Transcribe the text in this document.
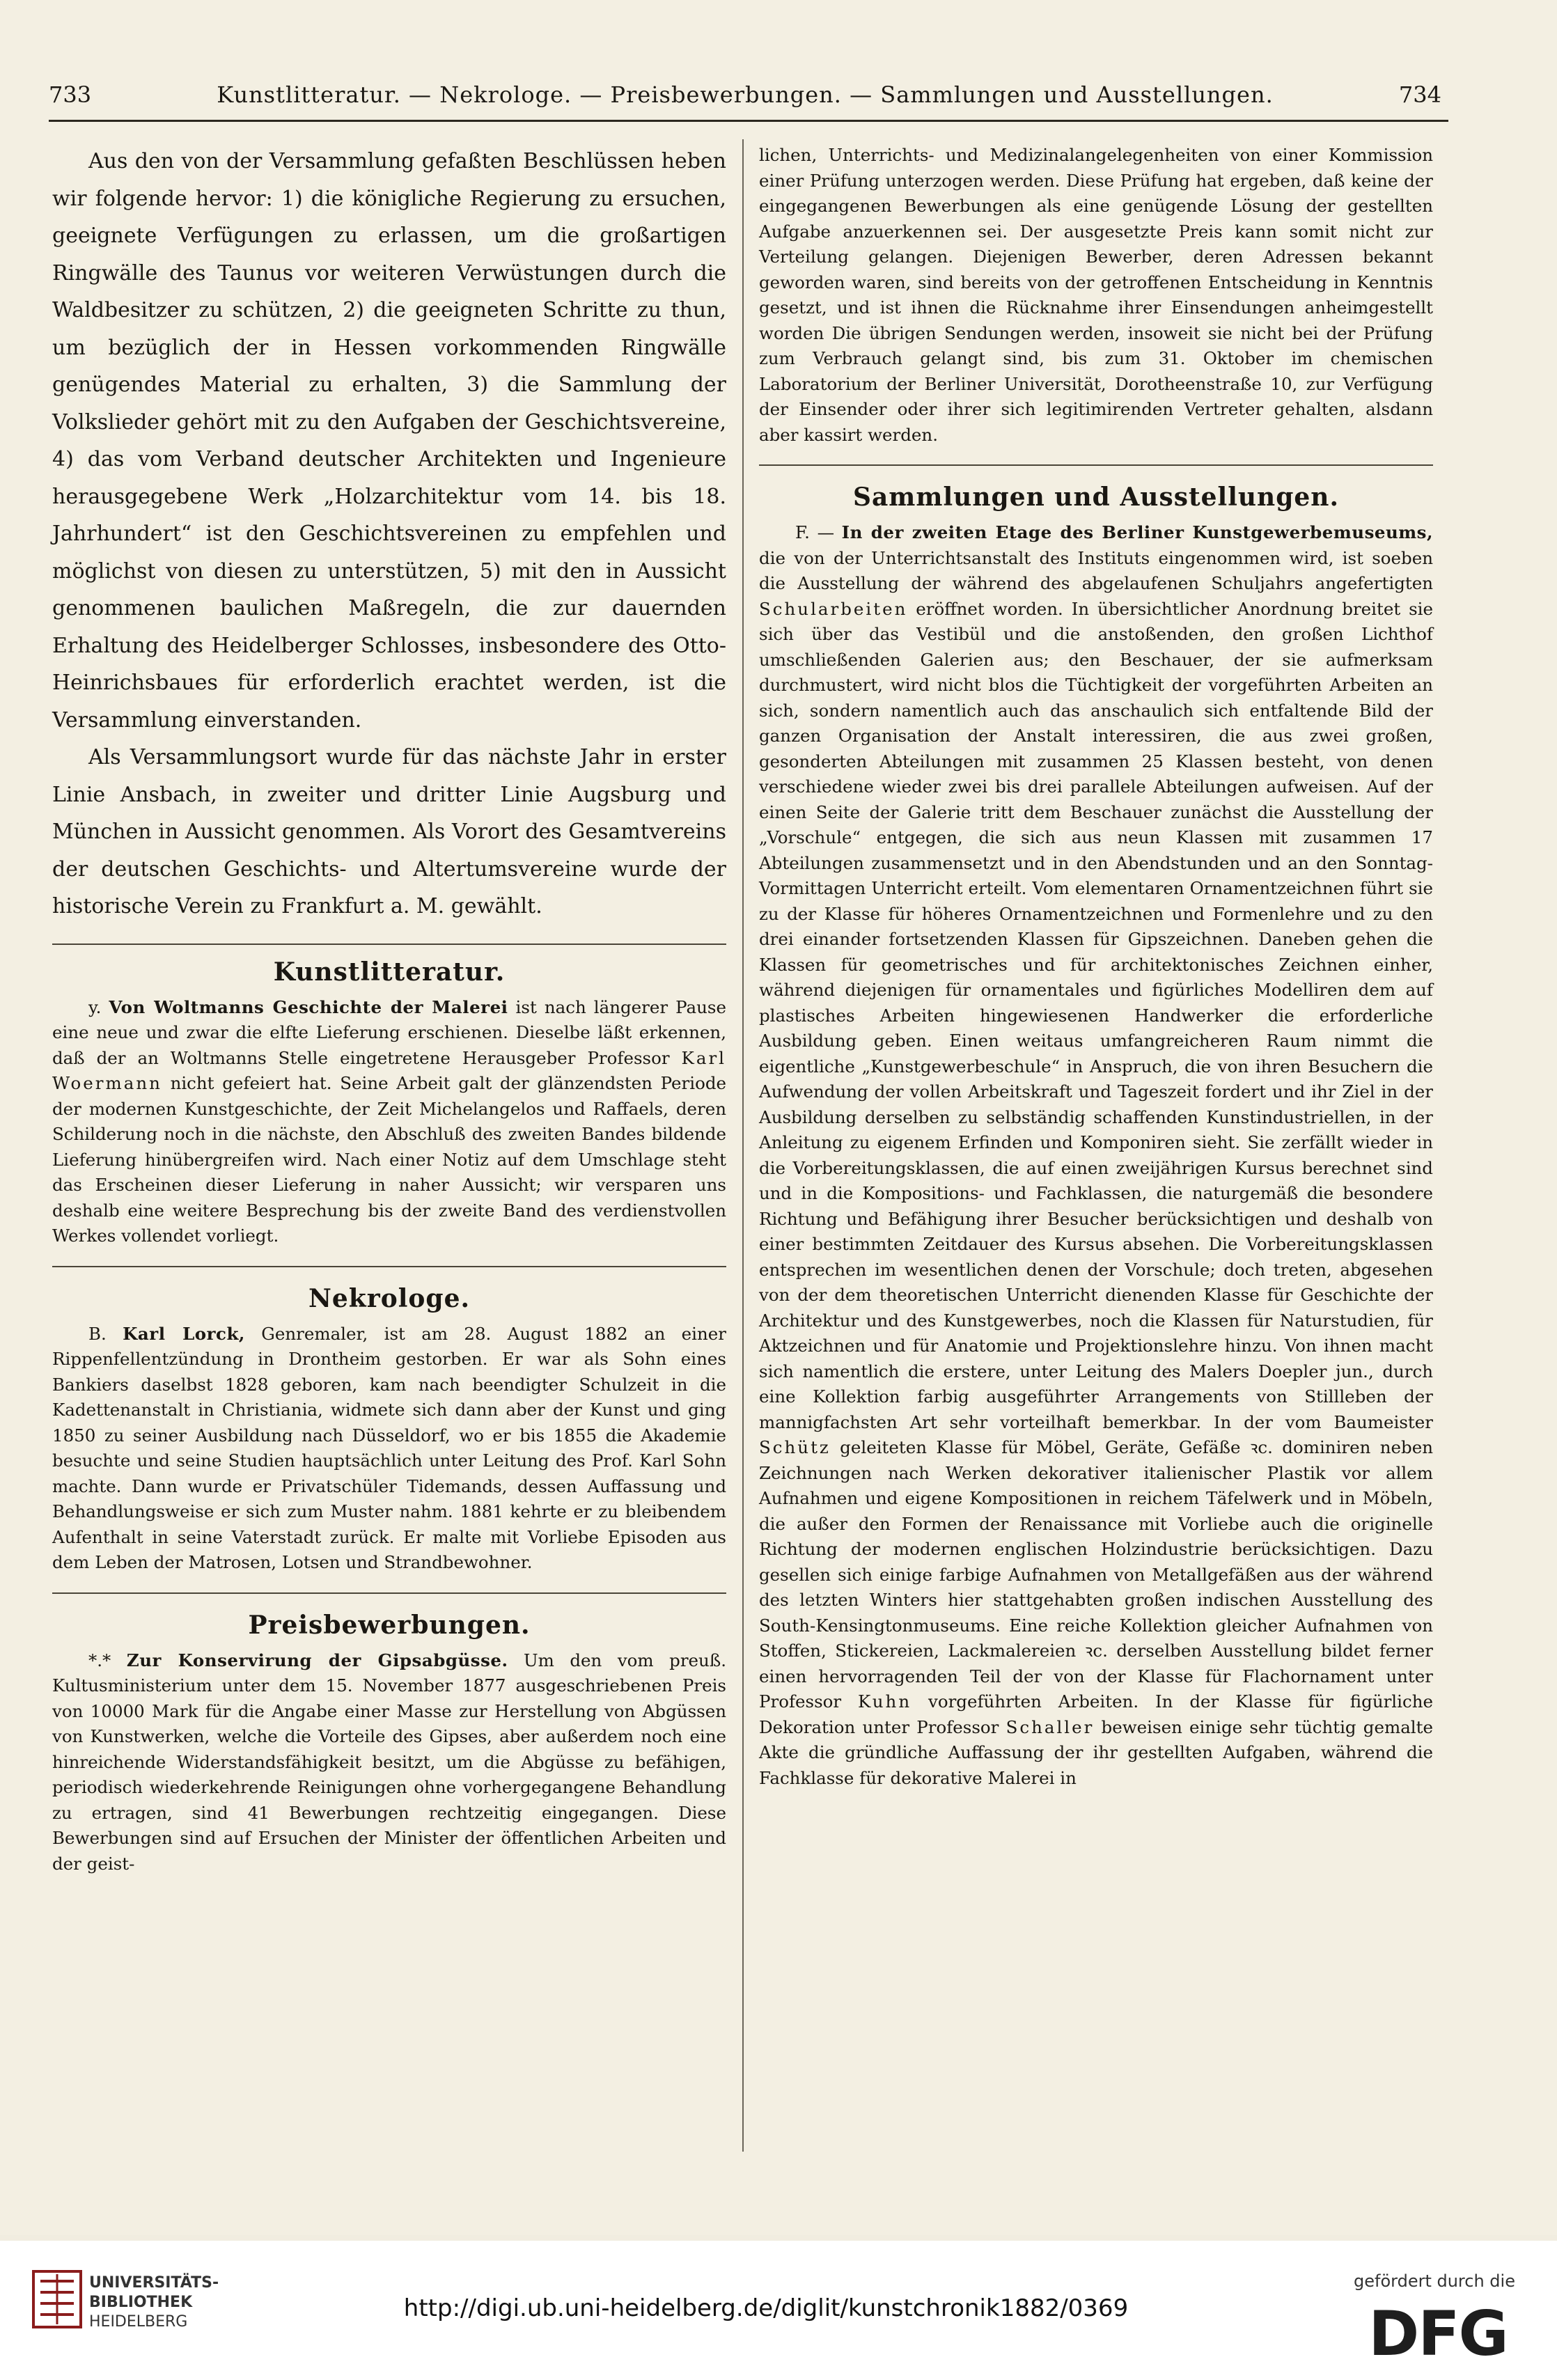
733	Kunstlitteratur. — Nekrologe. — Preisbewerbungen. — Sammlungen und Ausstellungen.	734

Aus den von der Versammlung gefaßten Beschlüssen heben wir folgende hervor: 1) die königliche Regierung zu ersuchen, geeignete Verfügungen zu erlassen, um die großartigen Ringwälle des Taunus vor weiteren Verwüstungen durch die Waldbesitzer zu schützen, 2) die geeigneten Schritte zu thun, um bezüglich der in Hessen vorkommenden Ringwälle genügendes Material zu erhalten, 3) die Sammlung der Volkslieder gehört mit zu den Aufgaben der Geschichtsvereine, 4) das vom Verband deutscher Architekten und Ingenieure herausgegebene Werk „Holzarchitektur vom 14. bis 18. Jahrhundert“ ist den Geschichtsvereinen zu empfehlen und möglichst von diesen zu unterstützen, 5) mit den in Aussicht genommenen baulichen Maßregeln, die zur dauernden Erhaltung des Heidelberger Schlosses, insbesondere des Otto-Heinrichsbaues für erforderlich erachtet werden, ist die Versammlung einverstanden.

Als Versammlungsort wurde für das nächste Jahr in erster Linie Ansbach, in zweiter und dritter Linie Augsburg und München in Aussicht genommen. Als Vorort des Gesamtvereins der deutschen Geschichts- und Altertumsvereine wurde der historische Verein zu Frankfurt a. M. gewählt.

Kunstlitteratur.

y. Von Woltmanns Geschichte der Malerei ist nach längerer Pause eine neue und zwar die elfte Lieferung erschienen. Dieselbe läßt erkennen, daß der an Woltmanns Stelle eingetretene Herausgeber Professor Karl Woermann nicht gefeiert hat. Seine Arbeit galt der glänzendsten Periode der modernen Kunstgeschichte, der Zeit Michelangelos und Raffaels, deren Schilderung noch in die nächste, den Abschluß des zweiten Bandes bildende Lieferung hinübergreifen wird. Nach einer Notiz auf dem Umschlage steht das Erscheinen dieser Lieferung in naher Aussicht; wir versparen uns deshalb eine weitere Besprechung bis der zweite Band des verdienstvollen Werkes vollendet vorliegt.

Nekrologe.

B. Karl Lorck, Genremaler, ist am 28. August 1882 an einer Rippenfellentzündung in Drontheim gestorben. Er war als Sohn eines Bankiers daselbst 1828 geboren, kam nach beendigter Schulzeit in die Kadettenanstalt in Christiania, widmete sich dann aber der Kunst und ging 1850 zu seiner Ausbildung nach Düsseldorf, wo er bis 1855 die Akademie besuchte und seine Studien hauptsächlich unter Leitung des Prof. Karl Sohn machte. Dann wurde er Privatschüler Tidemands, dessen Auffassung und Behandlungsweise er sich zum Muster nahm. 1881 kehrte er zu bleibendem Aufenthalt in seine Vaterstadt zurück. Er malte mit Vorliebe Episoden aus dem Leben der Matrosen, Lotsen und Strandbewohner.

Preisbewerbungen.

*.* Zur Konservirung der Gipsabgüsse. Um den vom preuß. Kultusministerium unter dem 15. November 1877 ausgeschriebenen Preis von 10000 Mark für die Angabe einer Masse zur Herstellung von Abgüssen von Kunstwerken, welche die Vorteile des Gipses, aber außerdem noch eine hinreichende Widerstandsfähigkeit besitzt, um die Abgüsse zu befähigen, periodisch wiederkehrende Reinigungen ohne vorhergegangene Behandlung zu ertragen, sind 41 Bewerbungen rechtzeitig eingegangen. Diese Bewerbungen sind auf Ersuchen der Minister der öffentlichen Arbeiten und der geist-

lichen, Unterrichts- und Medizinalangelegenheiten von einer Kommission einer Prüfung unterzogen werden. Diese Prüfung hat ergeben, daß keine der eingegangenen Bewerbungen als eine genügende Lösung der gestellten Aufgabe anzuerkennen sei. Der ausgesetzte Preis kann somit nicht zur Verteilung gelangen. Diejenigen Bewerber, deren Adressen bekannt geworden waren, sind bereits von der getroffenen Entscheidung in Kenntnis gesetzt, und ist ihnen die Rücknahme ihrer Einsendungen anheimgestellt worden Die übrigen Sendungen werden, insoweit sie nicht bei der Prüfung zum Verbrauch gelangt sind, bis zum 31. Oktober im chemischen Laboratorium der Berliner Universität, Dorotheenstraße 10, zur Verfügung der Einsender oder ihrer sich legitimirenden Vertreter gehalten, alsdann aber kassirt werden.

Sammlungen und Ausstellungen.

F. — In der zweiten Etage des Berliner Kunstgewerbemuseums, die von der Unterrichtsanstalt des Instituts eingenommen wird, ist soeben die Ausstellung der während des abgelaufenen Schuljahrs angefertigten Schularbeiten eröffnet worden. In übersichtlicher Anordnung breitet sie sich über das Vestibül und die anstoßenden, den großen Lichthof umschließenden Galerien aus; den Beschauer, der sie aufmerksam durchmustert, wird nicht blos die Tüchtigkeit der vorgeführten Arbeiten an sich, sondern namentlich auch das anschaulich sich entfaltende Bild der ganzen Organisation der Anstalt interessiren, die aus zwei großen, gesonderten Abteilungen mit zusammen 25 Klassen besteht, von denen verschiedene wieder zwei bis drei parallele Abteilungen aufweisen. Auf der einen Seite der Galerie tritt dem Beschauer zunächst die Ausstellung der „Vorschule“ entgegen, die sich aus neun Klassen mit zusammen 17 Abteilungen zusammensetzt und in den Abendstunden und an den Sonntag-Vormittagen Unterricht erteilt. Vom elementaren Ornamentzeichnen führt sie zu der Klasse für höheres Ornamentzeichnen und Formenlehre und zu den drei einander fortsetzenden Klassen für Gipszeichnen. Daneben gehen die Klassen für geometrisches und für architektonisches Zeichnen einher, während diejenigen für ornamentales und figürliches Modelliren dem auf plastisches Arbeiten hingewiesenen Handwerker die erforderliche Ausbildung geben. Einen weitaus umfangreicheren Raum nimmt die eigentliche „Kunstgewerbeschule“ in Anspruch, die von ihren Besuchern die Aufwendung der vollen Arbeitskraft und Tageszeit fordert und ihr Ziel in der Ausbildung derselben zu selbständig schaffenden Kunstindustriellen, in der Anleitung zu eigenem Erfinden und Komponiren sieht. Sie zerfällt wieder in die Vorbereitungsklassen, die auf einen zweijährigen Kursus berechnet sind und in die Kompositions- und Fachklassen, die naturgemäß die besondere Richtung und Befähigung ihrer Besucher berücksichtigen und deshalb von einer bestimmten Zeitdauer des Kursus absehen. Die Vorbereitungsklassen entsprechen im wesentlichen denen der Vorschule; doch treten, abgesehen von der dem theoretischen Unterricht dienenden Klasse für Geschichte der Architektur und des Kunstgewerbes, noch die Klassen für Naturstudien, für Aktzeichnen und für Anatomie und Projektionslehre hinzu. Von ihnen macht sich namentlich die erstere, unter Leitung des Malers Doepler jun., durch eine Kollektion farbig ausgeführter Arrangements von Stillleben der mannigfachsten Art sehr vorteilhaft bemerkbar. In der vom Baumeister Schütz geleiteten Klasse für Möbel, Geräte, Gefäße ꝛc. dominiren neben Zeichnungen nach Werken dekorativer italienischer Plastik vor allem Aufnahmen und eigene Kompositionen in reichem Täfelwerk und in Möbeln, die außer den Formen der Renaissance mit Vorliebe auch die originelle Richtung der modernen englischen Holzindustrie berücksichtigen. Dazu gesellen sich einige farbige Aufnahmen von Metallgefäßen aus der während des letzten Winters hier stattgehabten großen indischen Ausstellung des South-Kensingtonmuseums. Eine reiche Kollektion gleicher Aufnahmen von Stoffen, Stickereien, Lackmalereien ꝛc. derselben Ausstellung bildet ferner einen hervorragenden Teil der von der Klasse für Flachornament unter Professor Kuhn vorgeführten Arbeiten. In der Klasse für figürliche Dekoration unter Professor Schaller beweisen einige sehr tüchtig gemalte Akte die gründliche Auffassung der ihr gestellten Aufgaben, während die Fachklasse für dekorative Malerei in

UNIVERSITÄTS-
BIBLIOTHEK
HEIDELBERG	http://digi.ub.uni-heidelberg.de/diglit/kunstchronik1882/0369
gefördert durch die
DFG
